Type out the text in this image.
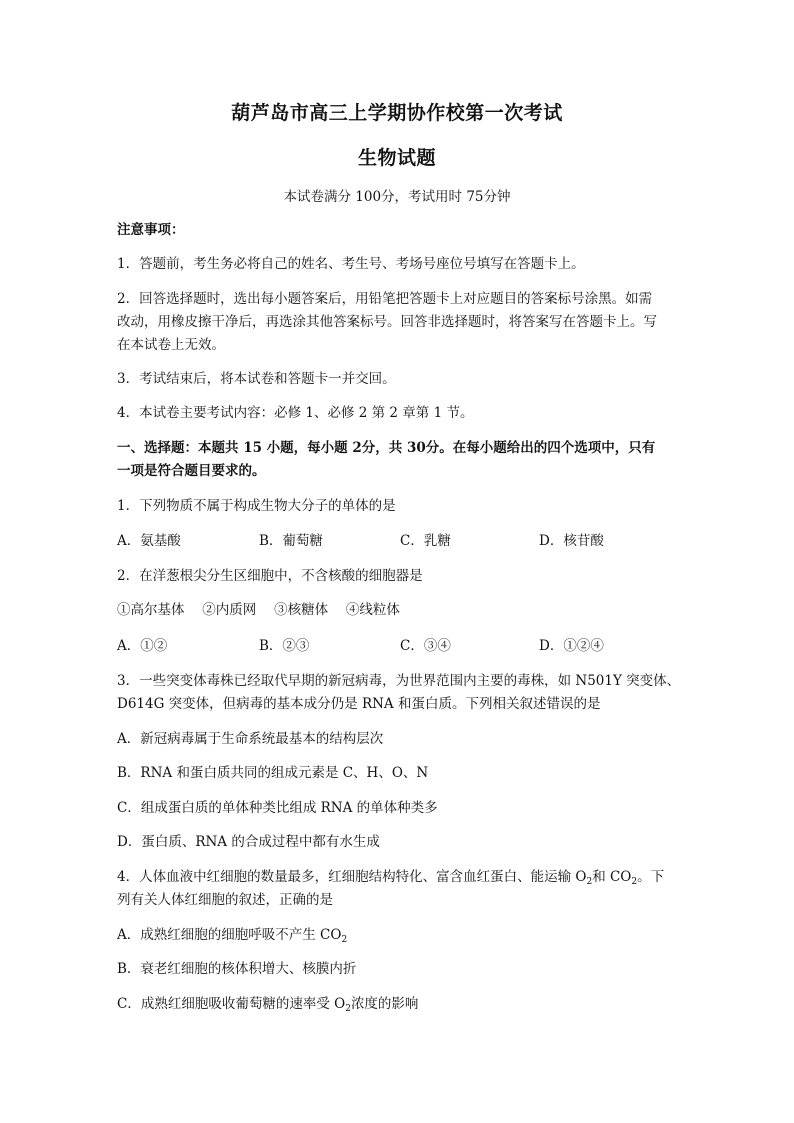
葫芦岛市高三上学期协作校第一次考试
生物试题
本试卷满分 100分，考试用时 75分钟
注意事项：
1．答题前，考生务必将自己的姓名、考生号、考场号座位号填写在答题卡上。
2．回答选择题时，选出每小题答案后，用铅笔把答题卡上对应题目的答案标号涂黑。如需
改动，用橡皮擦干净后，再选涂其他答案标号。回答非选择题时，将答案写在答题卡上。写
在本试卷上无效。
3．考试结束后，将本试卷和答题卡一并交回。
4．本试卷主要考试内容：必修 1、必修 2 第 2 章第 1 节。
一、选择题：本题共 15 小题，每小题 2分，共 30分。在每小题给出的四个选项中，只有
一项是符合题目要求的。
1．下列物质不属于构成生物大分子的单体的是
A．氨基酸	B．葡萄糖	C．乳糖	D．核苷酸
2．在洋葱根尖分生区细胞中，不含核酸的细胞器是
①高尔基体　 ②内质网　 ③核糖体　 ④线粒体
A．①②	B．②③	C．③④	D．①②④
3．一些突变体毒株已经取代早期的新冠病毒，为世界范围内主要的毒株，如 N501Y 突变体、
D614G 突变体，但病毒的基本成分仍是 RNA 和蛋白质。下列相关叙述错误的是
A．新冠病毒属于生命系统最基本的结构层次
B．RNA 和蛋白质共同的组成元素是 C、H、O、N
C．组成蛋白质的单体种类比组成 RNA 的单体种类多
D．蛋白质、RNA 的合成过程中都有水生成
4．人体血液中红细胞的数量最多，红细胞结构特化、富含血红蛋白、能运输 $O_2$和 $CO_2$。下
列有关人体红细胞的叙述，正确的是
A．成熟红细胞的细胞呼吸不产生 $CO_2$
B．衰老红细胞的核体积增大、核膜内折
C．成熟红细胞吸收葡萄糖的速率受 $O_2$浓度的影响
